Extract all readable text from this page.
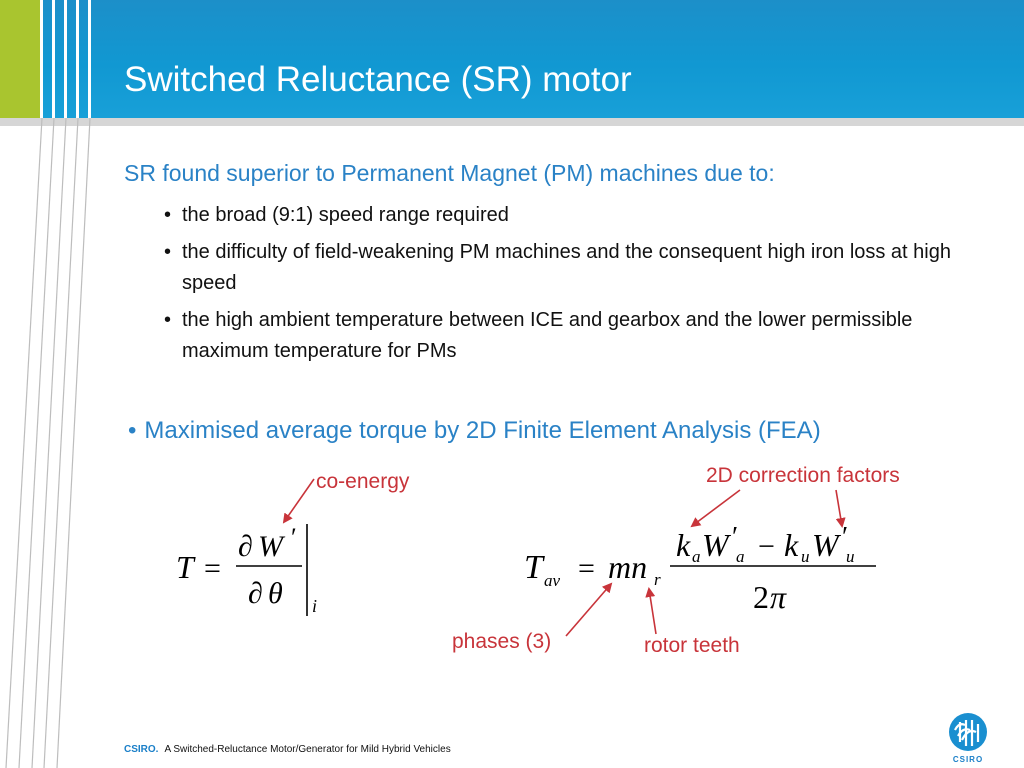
Switched Reluctance (SR) motor
SR found superior to Permanent Magnet (PM) machines due to:
• the broad (9:1) speed range required
• the difficulty of field-weakening PM machines and the consequent high iron loss at high speed
• the high ambient temperature between ICE and gearbox and the lower permissible maximum temperature for PMs
• Maximised average torque by 2D Finite Element Analysis (FEA)
co-energy	2D correction factors
phases (3)	rotor teeth
T =
∂ W ′
∂ θ i
T av = mn r
k a W ′
a − k u W ′
u
2 π
CSIRO. A Switched-Reluctance Motor/Generator for Mild Hybrid Vehicles
CSIRO
